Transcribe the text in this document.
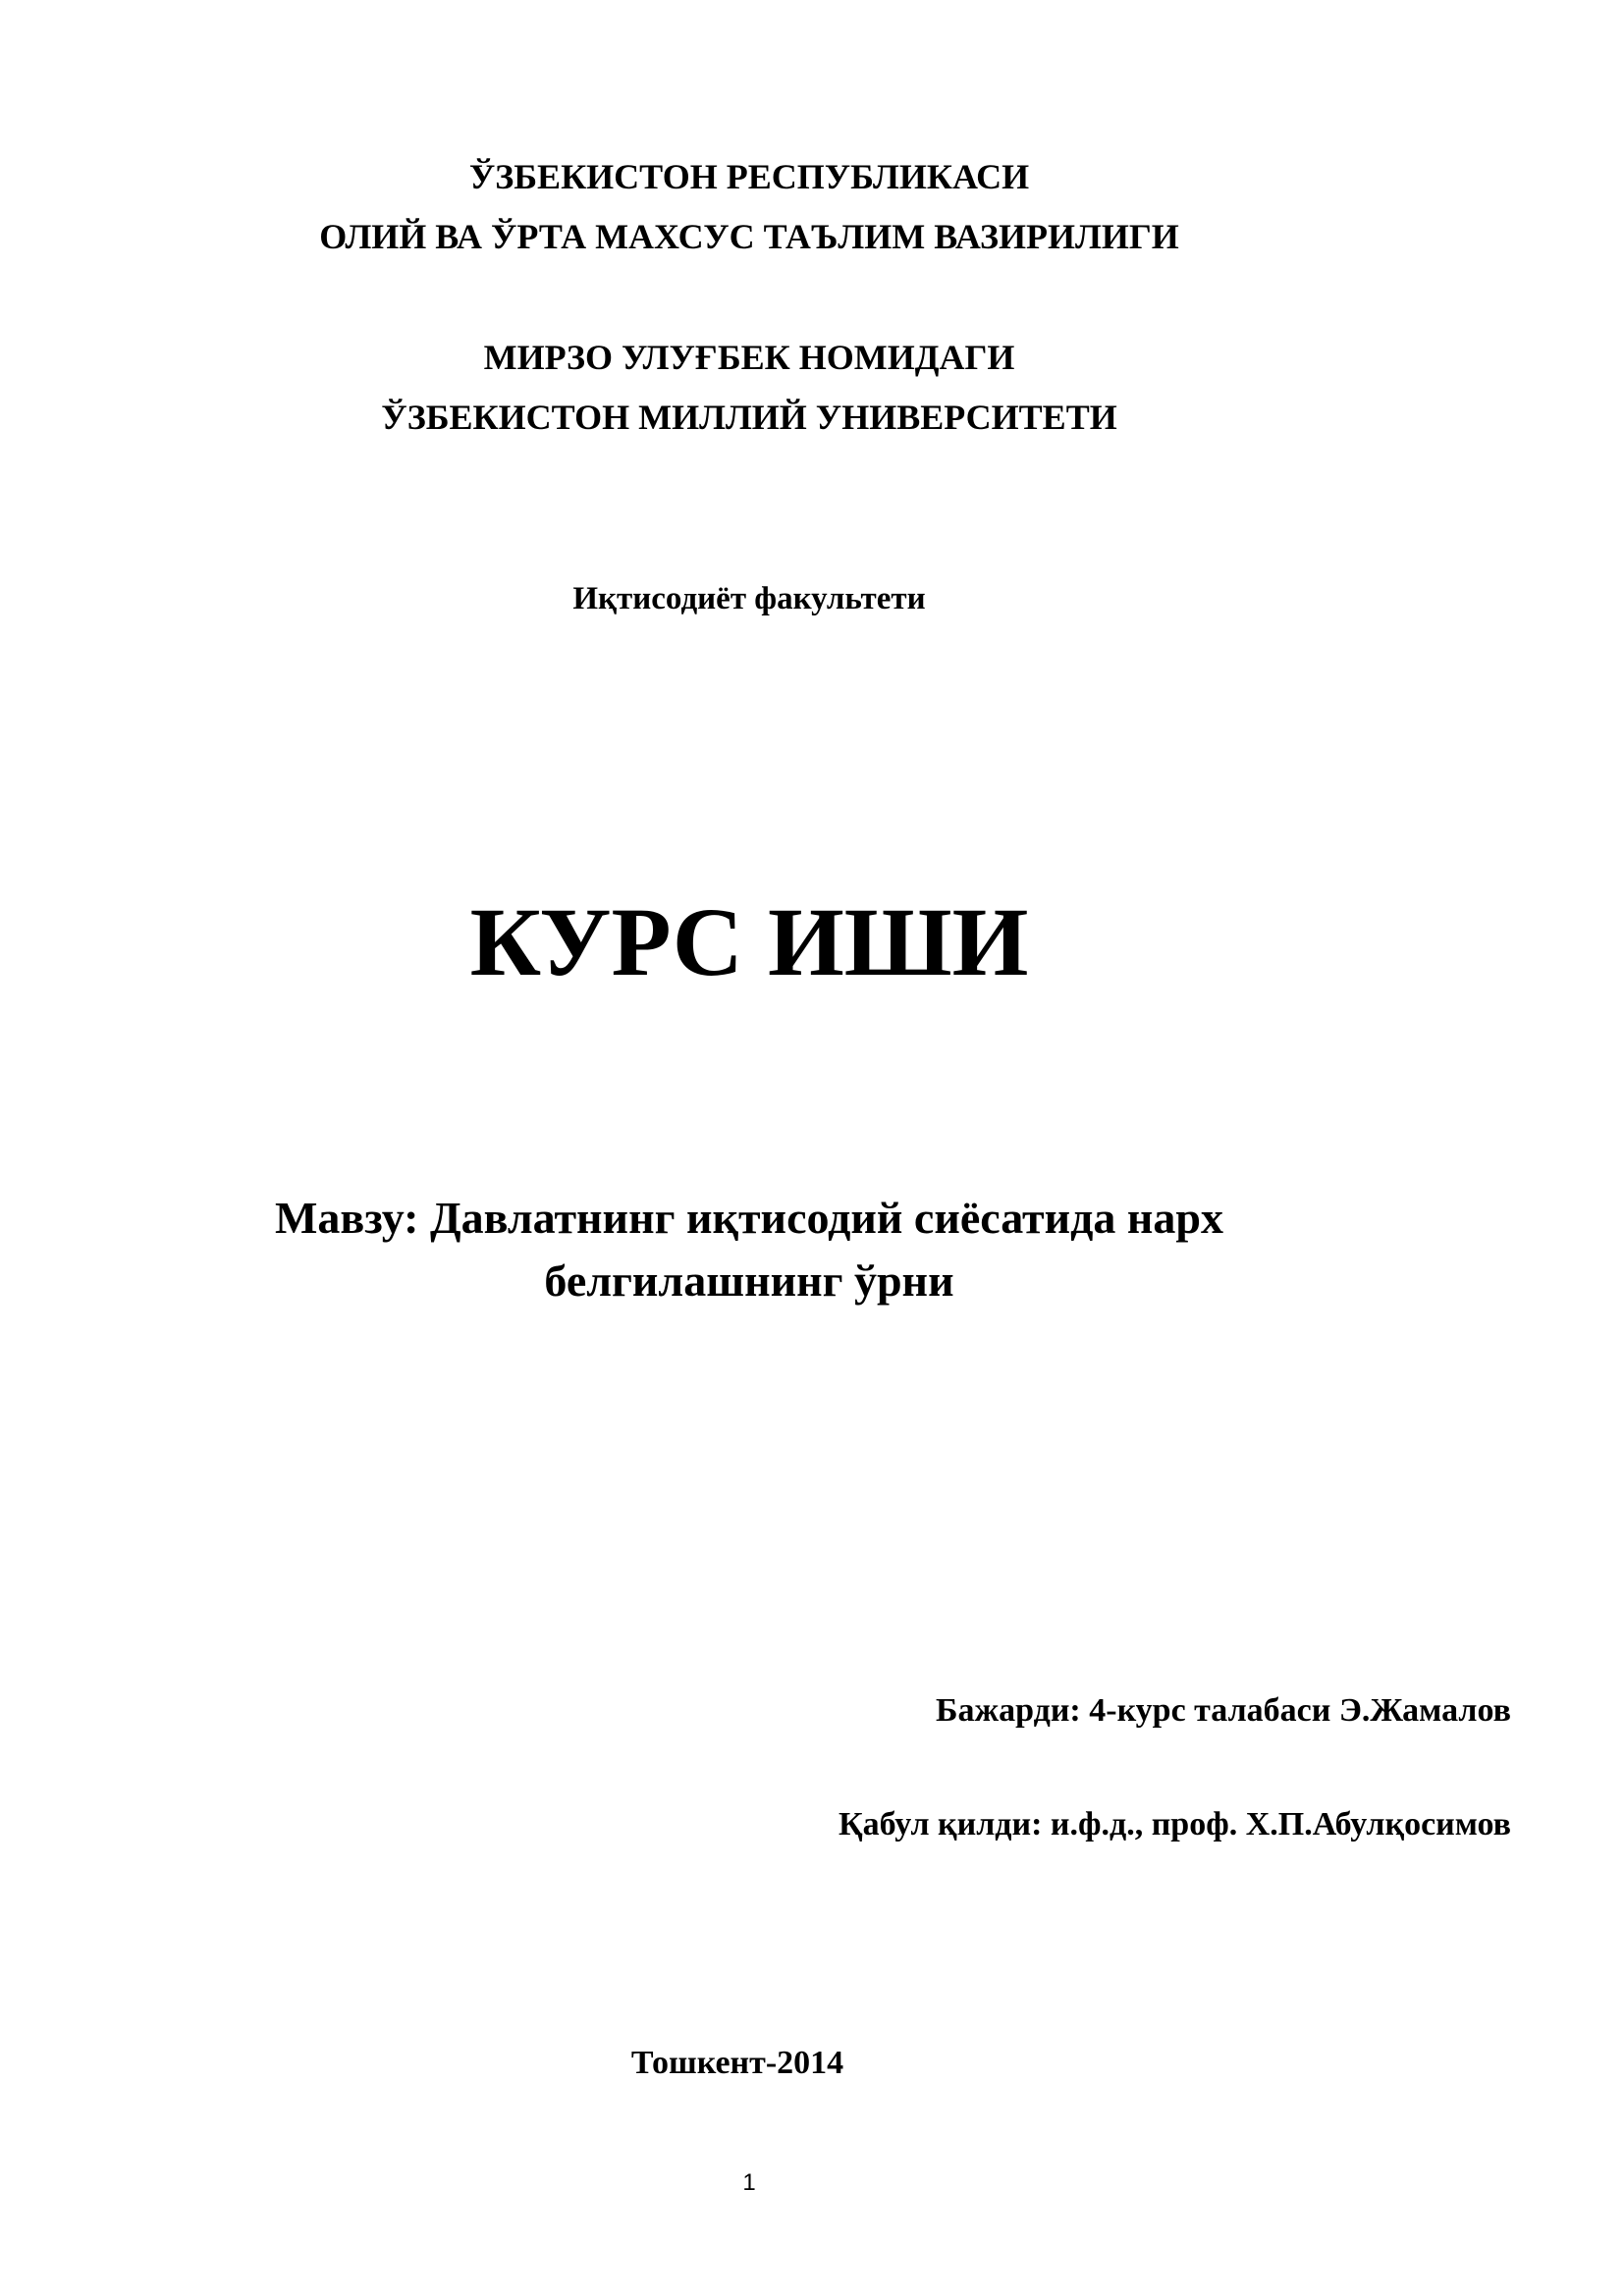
ЎЗБЕКИСТОН РЕСПУБЛИКАСИ
ОЛИЙ ВА ЎРТА МАХСУС ТАЪЛИМ ВАЗИРИЛИГИ
МИРЗО УЛУҒБЕК НОМИДАГИ
ЎЗБЕКИСТОН МИЛЛИЙ УНИВЕРСИТЕТИ
Иқтисодиёт факультети
КУРС ИШИ
Мавзу: Давлатнинг иқтисодий сиёсатида нарх
белгилашнинг ўрни
Бажарди: 4-курс талабаси Э.Жамалов
Қабул қилди: и.ф.д., проф. Х.П.Абулқосимов
Тошкент-2014
1
